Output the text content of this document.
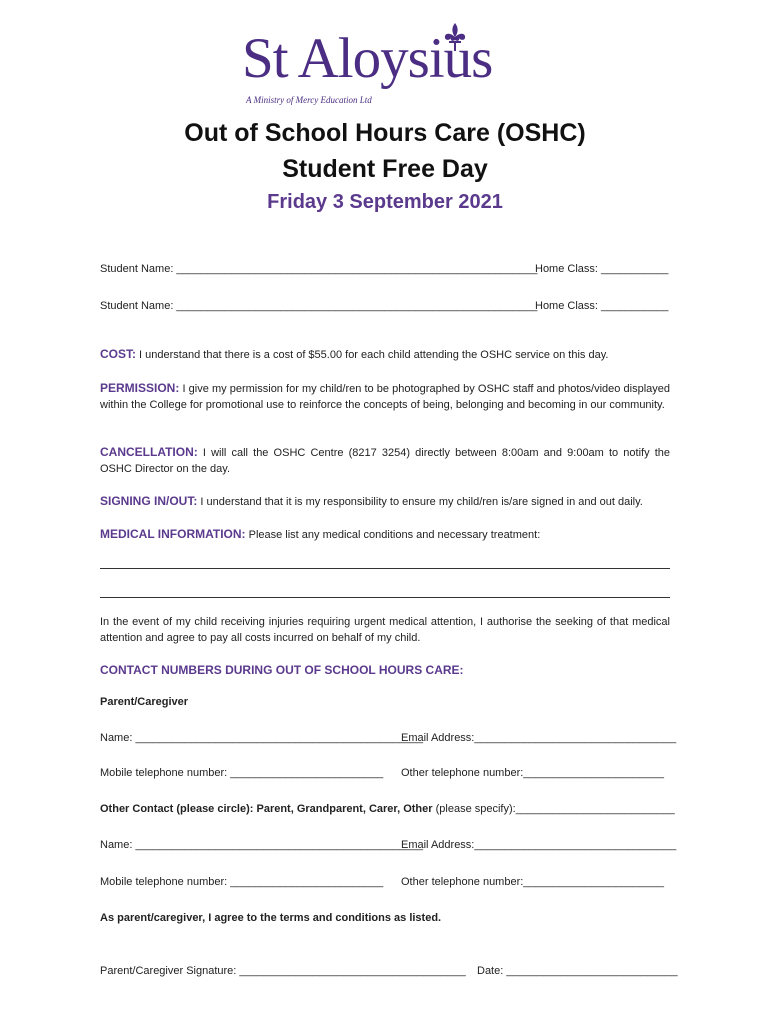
St Aloysius
A Ministry of Mercy Education Ltd
Out of School Hours Care (OSHC)
Student Free Day
Friday 3 September 2021
Student Name: ___________________________________________________________
Home Class: ___________
Student Name: ___________________________________________________________
Home Class: ___________
COST: I understand that there is a cost of $55.00 for each child attending the OSHC service on this day.
PERMISSION: I give my permission for my child/ren to be photographed by OSHC staff and photos/video displayed within the College for promotional use to reinforce the concepts of being, belonging and becoming in our community.
CANCELLATION: I will call the OSHC Centre (8217 3254) directly between 8:00am and 9:00am to notify the OSHC Director on the day.
SIGNING IN/OUT: I understand that it is my responsibility to ensure my child/ren is/are signed in and out daily.
MEDICAL INFORMATION: Please list any medical conditions and necessary treatment:
In the event of my child receiving injuries requiring urgent medical attention, I authorise the seeking of that medical attention and agree to pay all costs incurred on behalf of my child.
CONTACT NUMBERS DURING OUT OF SCHOOL HOURS CARE:
Parent/Caregiver
Name: _______________________________________________
Email Address:_________________________________
Mobile telephone number: _________________________ Other telephone number:_______________________
Other Contact (please circle): Parent, Grandparent, Carer, Other (please specify):__________________________
Name: _______________________________________________
Email Address:_________________________________
Mobile telephone number: _________________________ Other telephone number:_______________________
As parent/caregiver, I agree to the terms and conditions as listed.
Parent/Caregiver Signature: _____________________________________ Date: ____________________________
